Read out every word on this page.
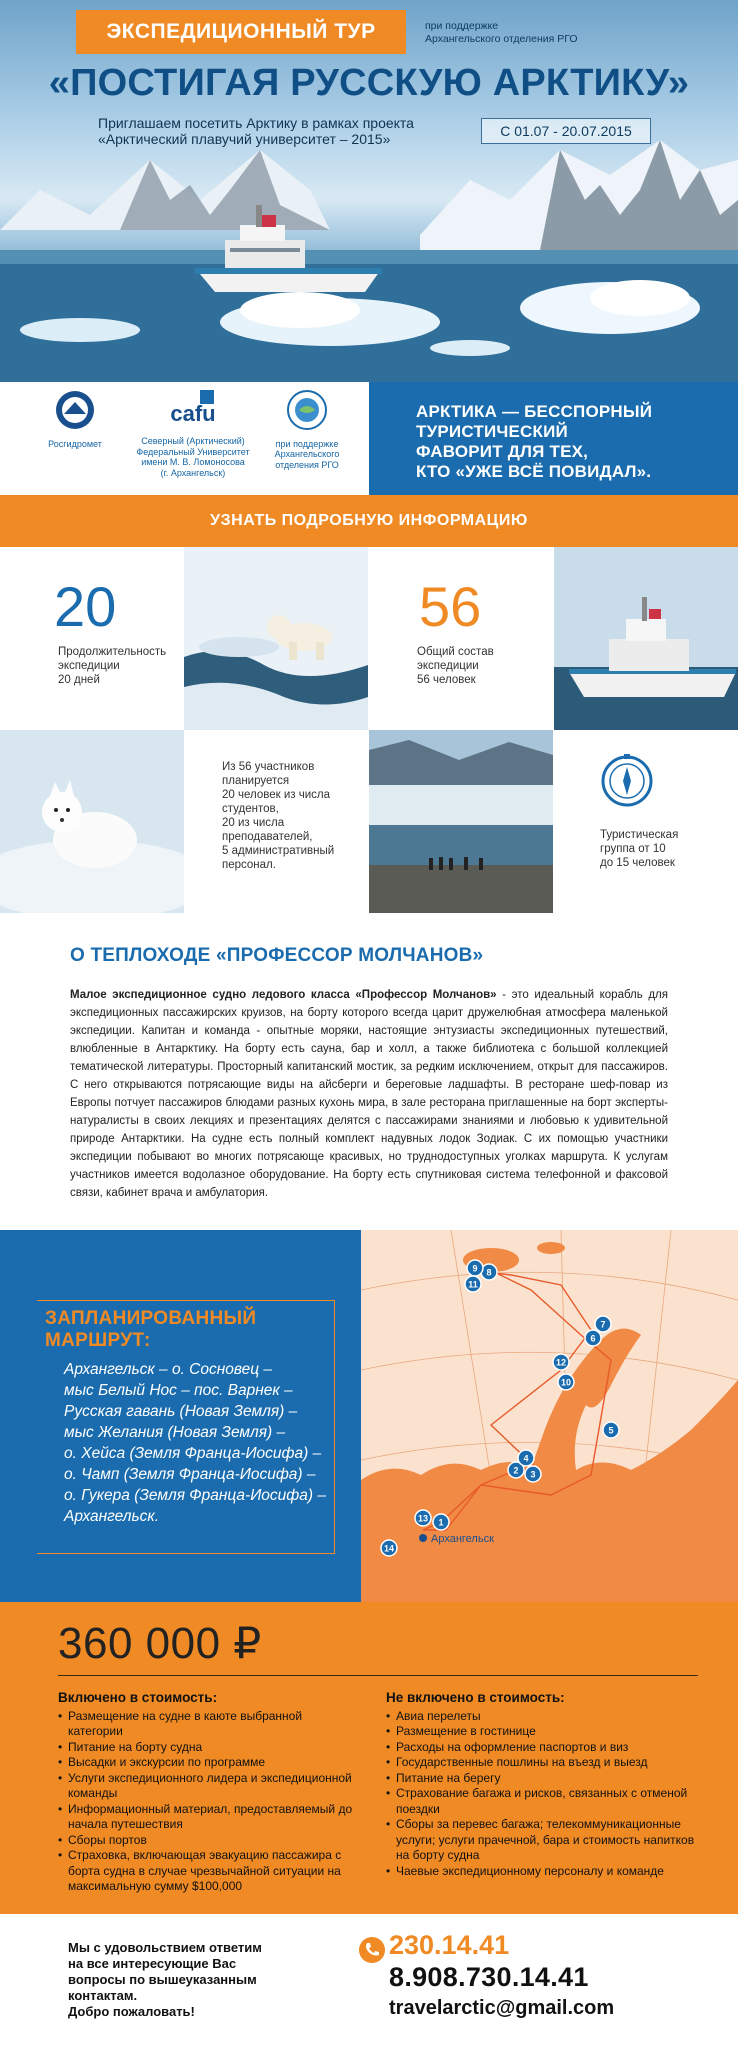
ЭКСПЕДИЦИОННЫЙ ТУР	при поддержке
Архангельского отделения РГО
«ПОСТИГАЯ РУССКУЮ АРКТИКУ»
Приглашаем посетить Арктику в рамках проекта
«Арктический плавучий университет – 2015»	С 01.07 - 20.07.2015
Росгидромет
cafu
Северный (Арктический)
Федеральный Университет
имени М. В. Ломоносова
(г. Архангельск)
при поддержке
Архангельского
отделения РГО
АРКТИКА — БЕССПОРНЫЙ
ТУРИСТИЧЕСКИЙ
ФАВОРИТ ДЛЯ ТЕХ,
КТО «УЖЕ ВСЁ ПОВИДАЛ».
УЗНАТЬ ПОДРОБНУЮ ИНФОРМАЦИЮ
20
Продолжительность
экспедиции
20 дней
56
Общий состав
экспедиции
56 человек
Из 56 участников
планируется
20 человек из числа
студентов,
20 из числа
преподавателей,
5 административный
персонал.
Туристическая
группа от 10
до 15 человек
О ТЕПЛОХОДЕ «ПРОФЕССОР МОЛЧАНОВ»
Малое экспедиционное судно ледового класса «Профессор Молчанов» - это идеальный корабль для экспедиционных пассажирских круизов, на борту которого всегда царит дружелюбная атмосфера маленькой экспедиции. Капитан и команда - опытные моряки, настоящие энтузиасты экспедиционных путешествий, влюбленные в Антарктику. На борту есть сауна, бар и холл, а также библиотека с большой коллекцией тематической литературы. Просторный капитанский мостик, за редким исключением, открыт для пассажиров. С него открываются потрясающие виды на айсберги и береговые ладшафты. В ресторане шеф-повар из Европы потчует пассажиров блюдами разных кухонь мира, в зале ресторана приглашенные на борт эксперты-натуралисты в своих лекциях и презентациях делятся с пассажирами знаниями и любовью к удивительной природе Антарктики. На судне есть полный комплект надувных лодок Зодиак. С их помощью участники экспедиции побывают во многих потрясающе красивых, но труднодоступных уголках маршрута. К услугам участников имеется водолазное оборудование. На борту есть спутниковая система телефонной и факсовой связи, кабинет врача и амбулатория.
ЗАПЛАНИРОВАННЫЙ
МАРШРУТ:
Архангельск – о. Сосновец –
мыс Белый Нос – пос. Варнек –
Русская гавань (Новая Земля) –
мыс Желания (Новая Земля) –
о. Хейса (Земля Франца-Иосифа) –
о. Чамп (Земля Франца-Иосифа) –
о. Гукера (Земля Франца-Иосифа) –
Архангельск.	1
2 3
4
5
6
7
8
9
10
11
12
13
14
Архангельск
360 000 ₽
Включено в стоимость:
• Размещение на судне в каюте выбранной категории
• Питание на борту судна
• Высадки и экскурсии по программе
• Услуги экспедиционного лидера и экспедиционной команды
• Информационный материал, предоставляемый до начала путешествия
• Сборы портов
• Страховка, включающая эвакуацию пассажира с борта судна в случае чрезвычайной ситуации на максимальную сумму $100,000
Не включено в стоимость:
• Авиа перелеты
• Размещение в гостинице
• Расходы на оформление паспортов и виз
• Государственные пошлины на въезд и выезд
• Питание на берегу
• Страхование багажа и рисков, связанных с отменой поездки
• Сборы за перевес багажа; телекоммуникационные услуги; услуги прачечной, бара и стоимость напитков на борту судна
• Чаевые экспедиционному персоналу и команде
Мы с удовольствием ответим
на все интересующие Вас
вопросы по вышеуказанным
контактам.
Добро пожаловать!
230.14.41
8.908.730.14.41
travelarctic@gmail.com
